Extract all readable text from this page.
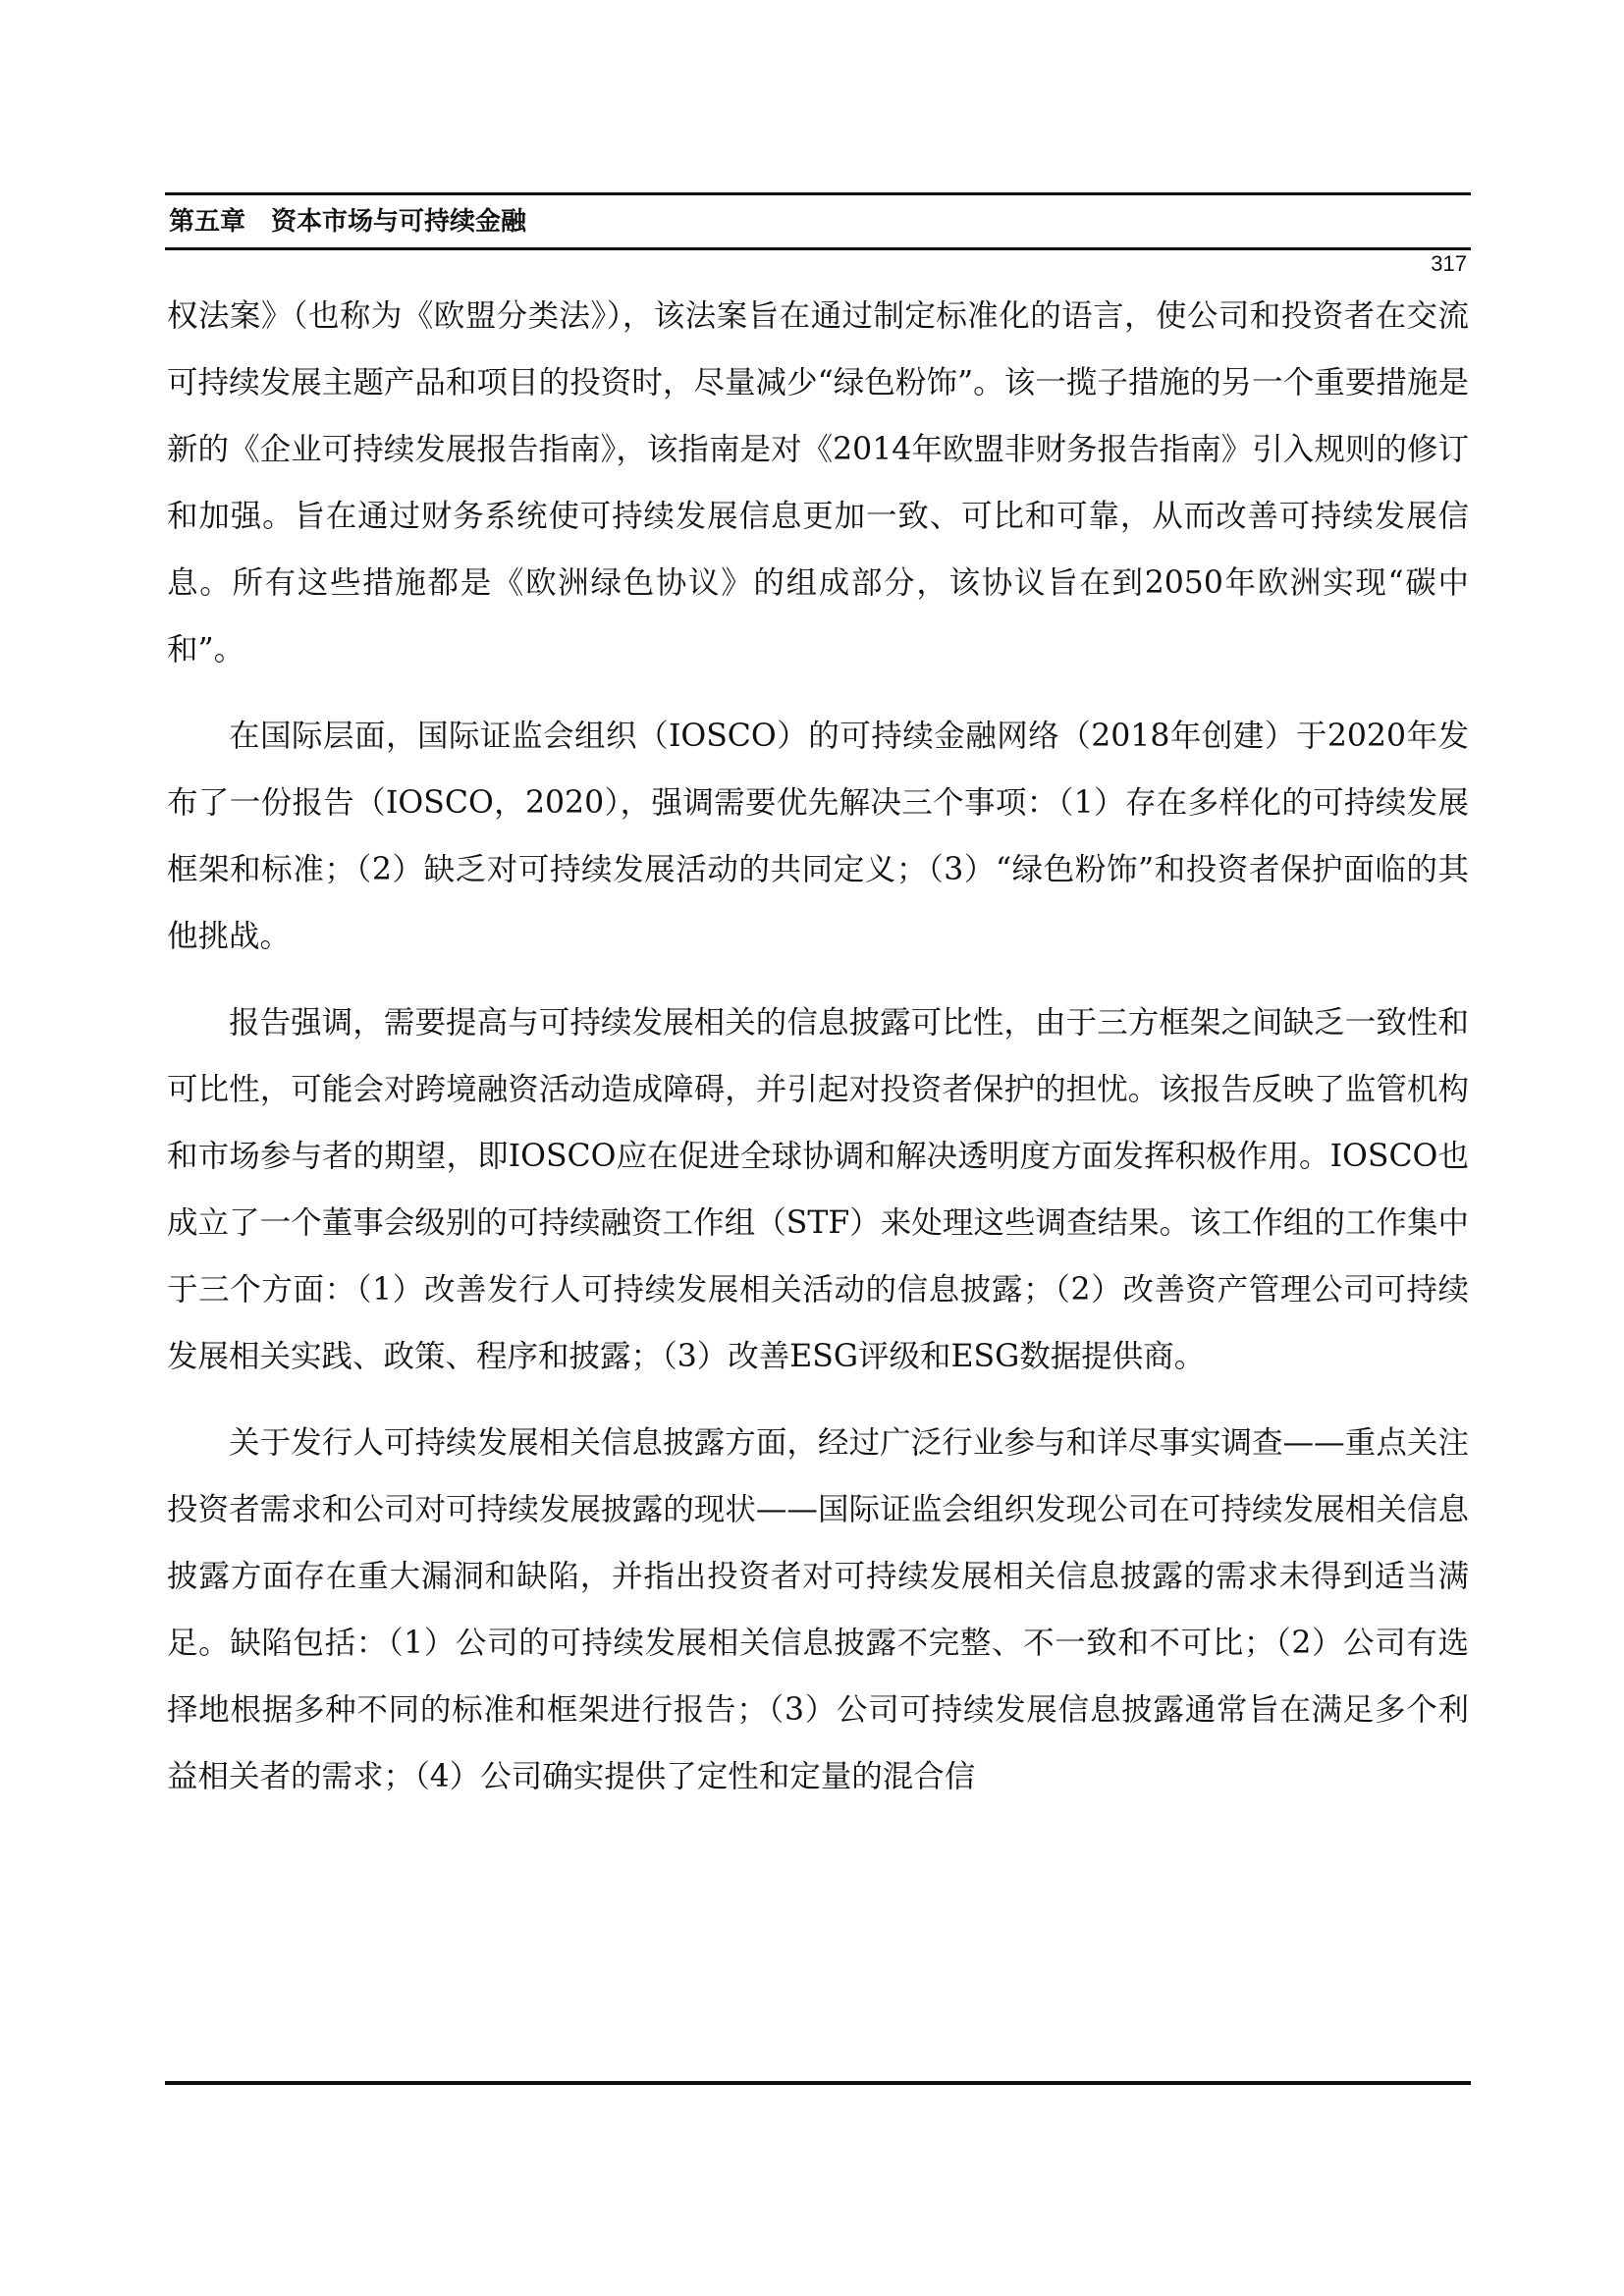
第五章　资本市场与可持续金融
317

权法案》（也称为《欧盟分类法》），该法案旨在通过制定标准化的语言，使公司和投资者在交流可持续发展主题产品和项目的投资时，尽量减少“绿色粉饰”。该一揽子措施的另一个重要措施是新的《企业可持续发展报告指南》，该指南是对《2014年欧盟非财务报告指南》引入规则的修订和加强。旨在通过财务系统使可持续发展信息更加一致、可比和可靠，从而改善可持续发展信息。所有这些措施都是《欧洲绿色协议》的组成部分，该协议旨在到2050年欧洲实现“碳中和”。

在国际层面，国际证监会组织（IOSCO）的可持续金融网络（2018年创建）于2020年发布了一份报告（IOSCO，2020），强调需要优先解决三个事项：（1）存在多样化的可持续发展框架和标准；（2）缺乏对可持续发展活动的共同定义；（3）“绿色粉饰”和投资者保护面临的其他挑战。

报告强调，需要提高与可持续发展相关的信息披露可比性，由于三方框架之间缺乏一致性和可比性，可能会对跨境融资活动造成障碍，并引起对投资者保护的担忧。该报告反映了监管机构和市场参与者的期望，即IOSCO应在促进全球协调和解决透明度方面发挥积极作用。IOSCO也成立了一个董事会级别的可持续融资工作组（STF）来处理这些调查结果。该工作组的工作集中于三个方面：（1）改善发行人可持续发展相关活动的信息披露；（2）改善资产管理公司可持续发展相关实践、政策、程序和披露；（3）改善ESG评级和ESG数据提供商。

关于发行人可持续发展相关信息披露方面，经过广泛行业参与和详尽事实调查——重点关注投资者需求和公司对可持续发展披露的现状——国际证监会组织发现公司在可持续发展相关信息披露方面存在重大漏洞和缺陷，并指出投资者对可持续发展相关信息披露的需求未得到适当满足。缺陷包括：（1）公司的可持续发展相关信息披露不完整、不一致和不可比；（2）公司有选择地根据多种不同的标准和框架进行报告；（3）公司可持续发展信息披露通常旨在满足多个利益相关者的需求；（4）公司确实提供了定性和定量的混合信
